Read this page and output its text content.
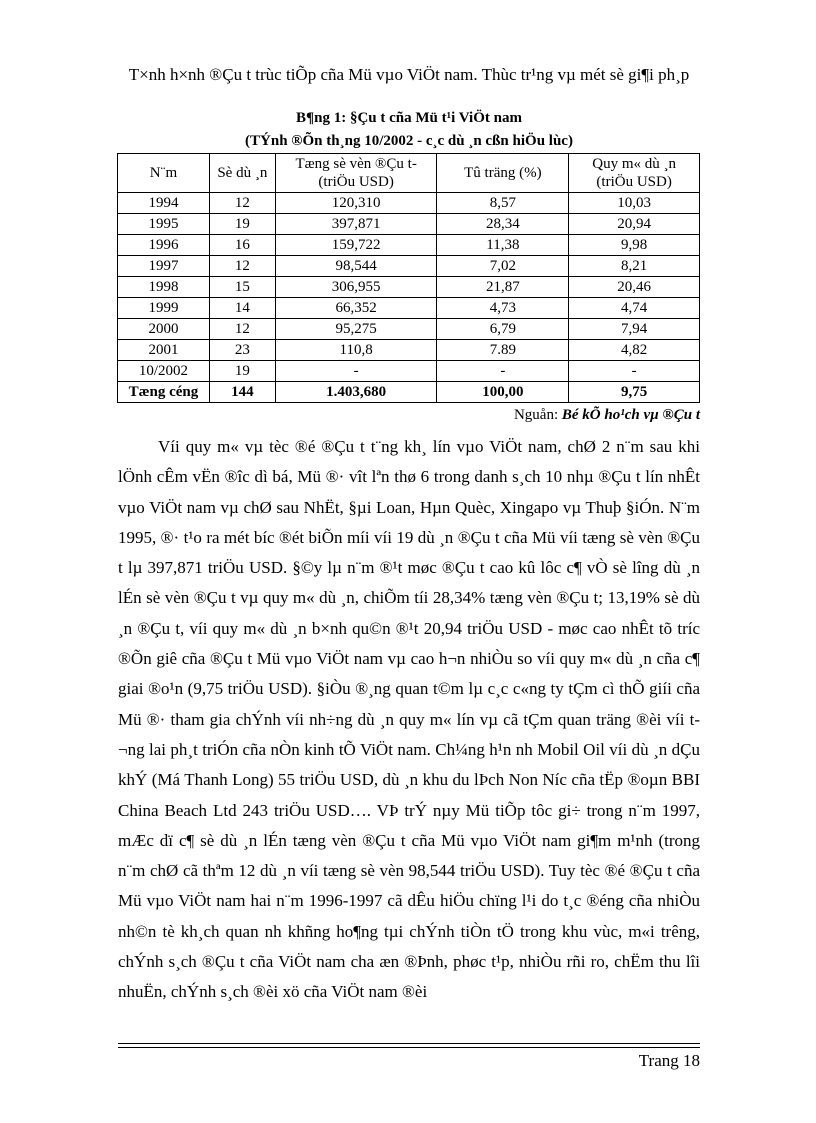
T×nh h×nh ®Çu t trùc tiÕp cña Mü vµo ViÖt nam. Thùc tr¹ng vµ mét sè gi¶i ph¸p
B¶ng 1: §Çu t cña Mü t¹i ViÖt nam
(TÝnh ®Õn th¸ng 10/2002 - c¸c dù ¸n cßn hiÖu lùc)
N¨m	Sè dù ¸n	Tæng sè vèn ®Çu t (triÖu USD)	Tû träng (%)	Quy m« dù ¸n (triÖu USD)
1994	12	120,310	8,57	10,03
1995	19	397,871	28,34	20,94
1996	16	159,722	11,38	9,98
1997	12	98,544	7,02	8,21
1998	15	306,955	21,87	20,46
1999	14	66,352	4,73	4,74
2000	12	95,275	6,79	7,94
2001	23	110,8	7.89	4,82
10/2002	19	-	-	-
Tæng céng	144	1.403,680	100,00	9,75
Nguån: Bé kÕ ho¹ch vµ ®Çu t

Víi quy m« vµ tèc ®é ®Çu t t¨ng kh¸ lín vµo ViÖt nam, chØ 2 n¨m sau khi lÖnh cÊm vËn ®îc dì bá, Mü ®· vît lªn thø 6 trong danh s¸ch 10 nhµ ®Çu t lín nhÊt vµo ViÖt nam vµ chØ sau NhËt, §µi Loan, Hµn Quèc, Xingapo vµ Thuþ §iÓn. N¨m 1995, ®· t¹o ra mét bíc ®ét biÕn míi víi 19 dù ¸n ®Çu t cña Mü víi tæng sè vèn ®Çu t lµ 397,871 triÖu USD. §©y lµ n¨m ®¹t møc ®Çu t cao kû lôc c¶ vÒ sè lîng dù ¸n lÉn sè vèn ®Çu t vµ quy m« dù ¸n, chiÕm tíi 28,34% tæng vèn ®Çu t; 13,19% sè dù ¸n ®Çu t, víi quy m« dù ¸n b×nh qu©n ®¹t 20,94 triÖu USD - møc cao nhÊt tõ tríc ®Õn giê cña ®Çu t Mü vµo ViÖt nam vµ cao h¬n nhiÒu so víi quy m« dù ¸n cña c¶ giai ®o¹n (9,75 triÖu USD). §iÒu ®¸ng quan t©m lµ c¸c c«ng ty tÇm cì thÕ giíi cña Mü ®· tham gia chÝnh víi nh÷ng dù ¸n quy m« lín vµ cã tÇm quan träng ®èi víi t¬ng lai ph¸t triÓn cña nÒn kinh tÕ ViÖt nam. Ch¼ng h¹n nh Mobil Oil víi dù ¸n dÇu khÝ (Má Thanh Long) 55 triÖu USD, dù ¸n khu du lÞch Non Níc cña tËp ®oµn BBI China Beach Ltd 243 triÖu USD…. VÞ trÝ nµy Mü tiÕp tôc gi÷ trong n¨m 1997, mÆc dï c¶ sè dù ¸n lÉn tæng vèn ®Çu t cña Mü vµo ViÖt nam gi¶m m¹nh (trong n¨m chØ cã thªm 12 dù ¸n víi tæng sè vèn 98,544 triÖu USD). Tuy tèc ®é ®Çu t cña Mü vµo ViÖt nam hai n¨m 1996-1997 cã dÊu hiÖu chïng l¹i do t¸c ®éng cña nhiÒu nh©n tè kh¸ch quan nh khñng ho¶ng tµi chÝnh tiÒn tÖ trong khu vùc, m«i trêng, chÝnh s¸ch ®Çu t cña ViÖt nam cha æn ®Þnh, phøc t¹p, nhiÒu rñi ro, chËm thu lîi nhuËn, chÝnh s¸ch ®èi xö cña ViÖt nam ®èi

Trang 18
